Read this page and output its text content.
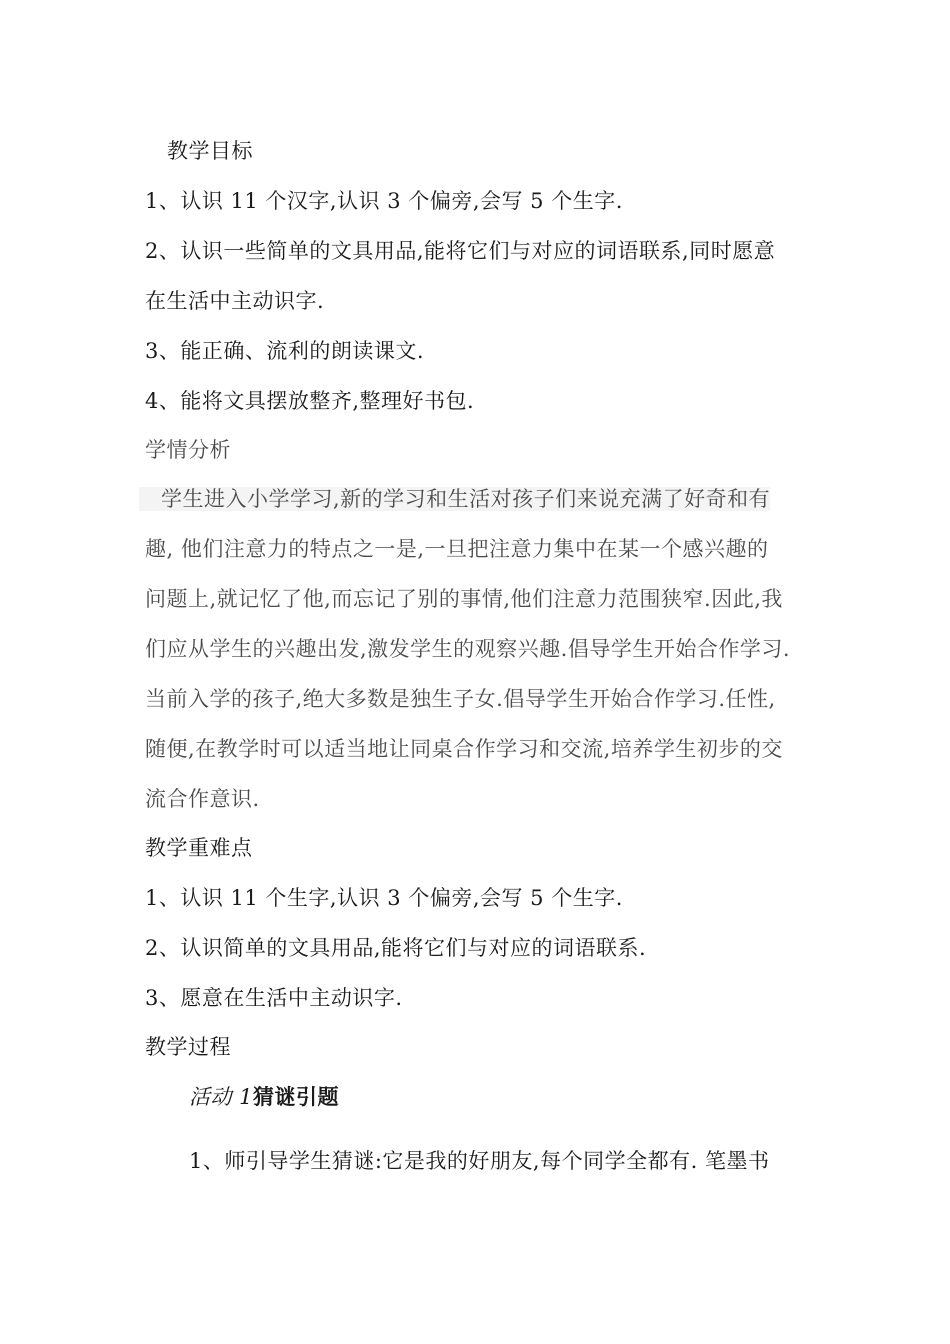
教学目标
1、认识 11 个汉字,认识 3 个偏旁,会写 5 个生字.
2、认识一些简单的文具用品,能将它们与对应的词语联系,同时愿意
在生活中主动识字.
3、能正确、流利的朗读课文.
4、能将文具摆放整齐,整理好书包.
学情分析
学生进入小学学习,新的学习和生活对孩子们来说充满了好奇和有
趣, 他们注意力的特点之一是,一旦把注意力集中在某一个感兴趣的
问题上,就记忆了他,而忘记了别的事情,他们注意力范围狭窄.因此,我
们应从学生的兴趣出发,激发学生的观察兴趣.倡导学生开始合作学习.
当前入学的孩子,绝大多数是独生子女.倡导学生开始合作学习.任性,
随便,在教学时可以适当地让同桌合作学习和交流,培养学生初步的交
流合作意识.
教学重难点
1、认识 11 个生字,认识 3 个偏旁,会写 5 个生字.
2、认识简单的文具用品,能将它们与对应的词语联系.
3、愿意在生活中主动识字.
教学过程
活动 1猜谜引题
1、师引导学生猜谜:它是我的好朋友,每个同学全都有. 笔墨书
